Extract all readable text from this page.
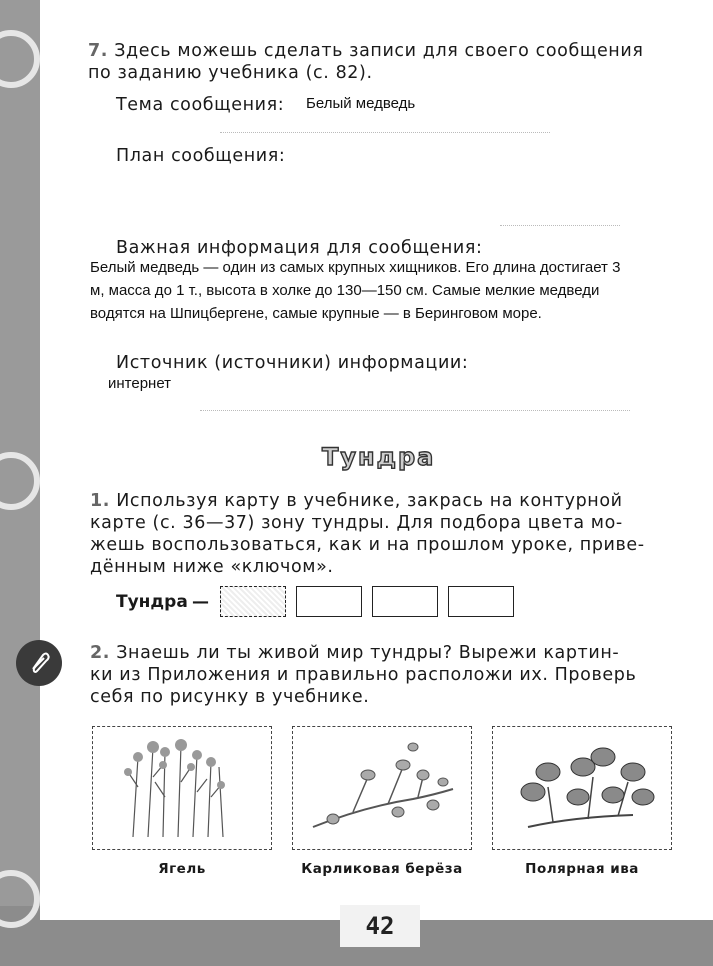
7. Здесь можешь сделать записи для своего сообщения
по заданию учебника (с. 82).
Тема сообщения: Белый медведь
План сообщения:
Важная информация для сообщения:
Белый медведь — один из самых крупных хищников. Его длина достигает 3
м, масса до 1 т., высота в холке до 130—150 см. Самые мелкие медведи
водятся на Шпицбергене, самые крупные — в Беринговом море.
Источник (источники) информации:
интернет
Тундра
1. Используя карту в учебнике, закрась на контурной
карте (с. 36—37) зону тундры. Для подбора цвета мо-
жешь воспользоваться, как и на прошлом уроке, приве-
дённым ниже «ключом».
Тундра —
2. Знаешь ли ты живой мир тундры? Вырежи картин-
ки из Приложения и правильно расположи их. Проверь
себя по рисунку в учебнике.
Ягель	Карликовая берёза	Полярная ива
42
